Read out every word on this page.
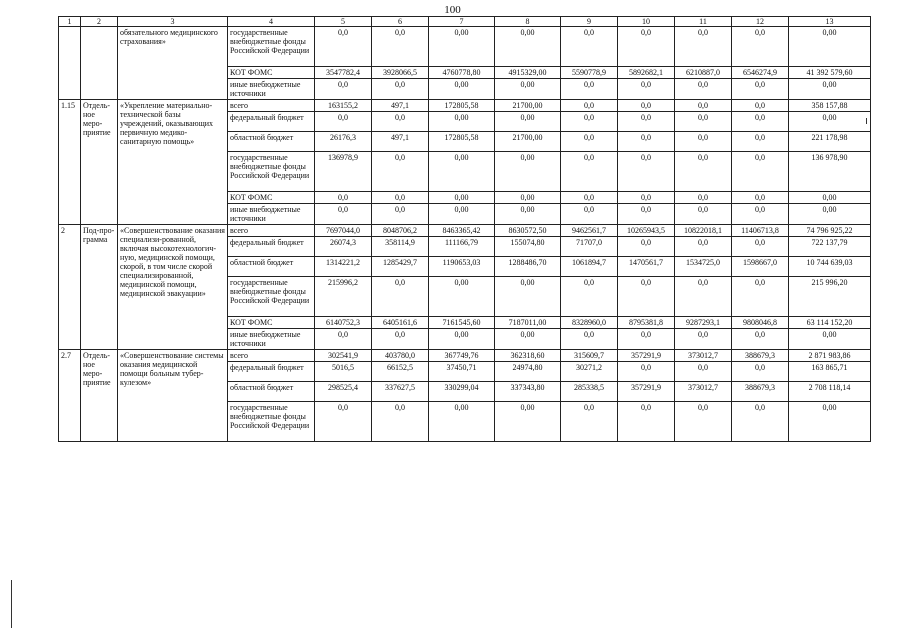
100
1	2	3	4	5	6	7	8	9	10	11	12	13
		обязательного медицинского страхования»	государственные внебюджетные фонды Российской Федерации	0,0	0,0	0,00	0,00	0,0	0,0	0,0	0,0	0,00
			КОТ ФОМС	3547782,4	3928066,5	4760778,80	4915329,00	5590778,9	5892682,1	6210887,0	6546274,9	41 392 579,60
			иные внебюджетные источники	0,0	0,0	0,00	0,00	0,0	0,0	0,0	0,0	0,00
1.15	Отдель-ное меро-приятие	«Укрепление материально-технической базы учреждений, оказывающих первичную медико-санитарную помощь»	всего	163155,2	497,1	172805,58	21700,00	0,0	0,0	0,0	0,0	358 157,88
			федеральный бюджет	0,0	0,0	0,00	0,00	0,0	0,0	0,0	0,0	0,00
			областной бюджет	26176,3	497,1	172805,58	21700,00	0,0	0,0	0,0	0,0	221 178,98
			государственные внебюджетные фонды Российской Федерации	136978,9	0,0	0,00	0,00	0,0	0,0	0,0	0,0	136 978,90
			КОТ ФОМС	0,0	0,0	0,00	0,00	0,0	0,0	0,0	0,0	0,00
			иные внебюджетные источники	0,0	0,0	0,00	0,00	0,0	0,0	0,0	0,0	0,00
2	Под-про-грамма	«Совершенствование оказания специализи-рованной, включая высокотехнологич-ную, медицинской помощи, скорой, в том числе скорой специализированной, медицинской помощи, медицинской эвакуации»	всего	7697044,0	8048706,2	8463365,42	8630572,50	9462561,7	10265943,5	10822018,1	11406713,8	74 796 925,22
			федеральный бюджет	26074,3	358114,9	111166,79	155074,80	71707,0	0,0	0,0	0,0	722 137,79
			областной бюджет	1314221,2	1285429,7	1190653,03	1288486,70	1061894,7	1470561,7	1534725,0	1598667,0	10 744 639,03
			государственные внебюджетные фонды Российской Федерации	215996,2	0,0	0,00	0,00	0,0	0,0	0,0	0,0	215 996,20
			КОТ ФОМС	6140752,3	6405161,6	7161545,60	7187011,00	8328960,0	8795381,8	9287293,1	9808046,8	63 114 152,20
			иные внебюджетные источники	0,0	0,0	0,00	0,00	0,0	0,0	0,0	0,0	0,00
2.7	Отдель-ное меро-приятие	«Совершенствование системы оказания медицинской помощи больным тубер-кулезом»	всего	302541,9	403780,0	367749,76	362318,60	315609,7	357291,9	373012,7	388679,3	2 871 983,86
			федеральный бюджет	5016,5	66152,5	37450,71	24974,80	30271,2	0,0	0,0	0,0	163 865,71
			областной бюджет	298525,4	337627,5	330299,04	337343,80	285338,5	357291,9	373012,7	388679,3	2 708 118,14
			государственные внебюджетные фонды Российской Федерации	0,0	0,0	0,00	0,00	0,0	0,0	0,0	0,0	0,00
